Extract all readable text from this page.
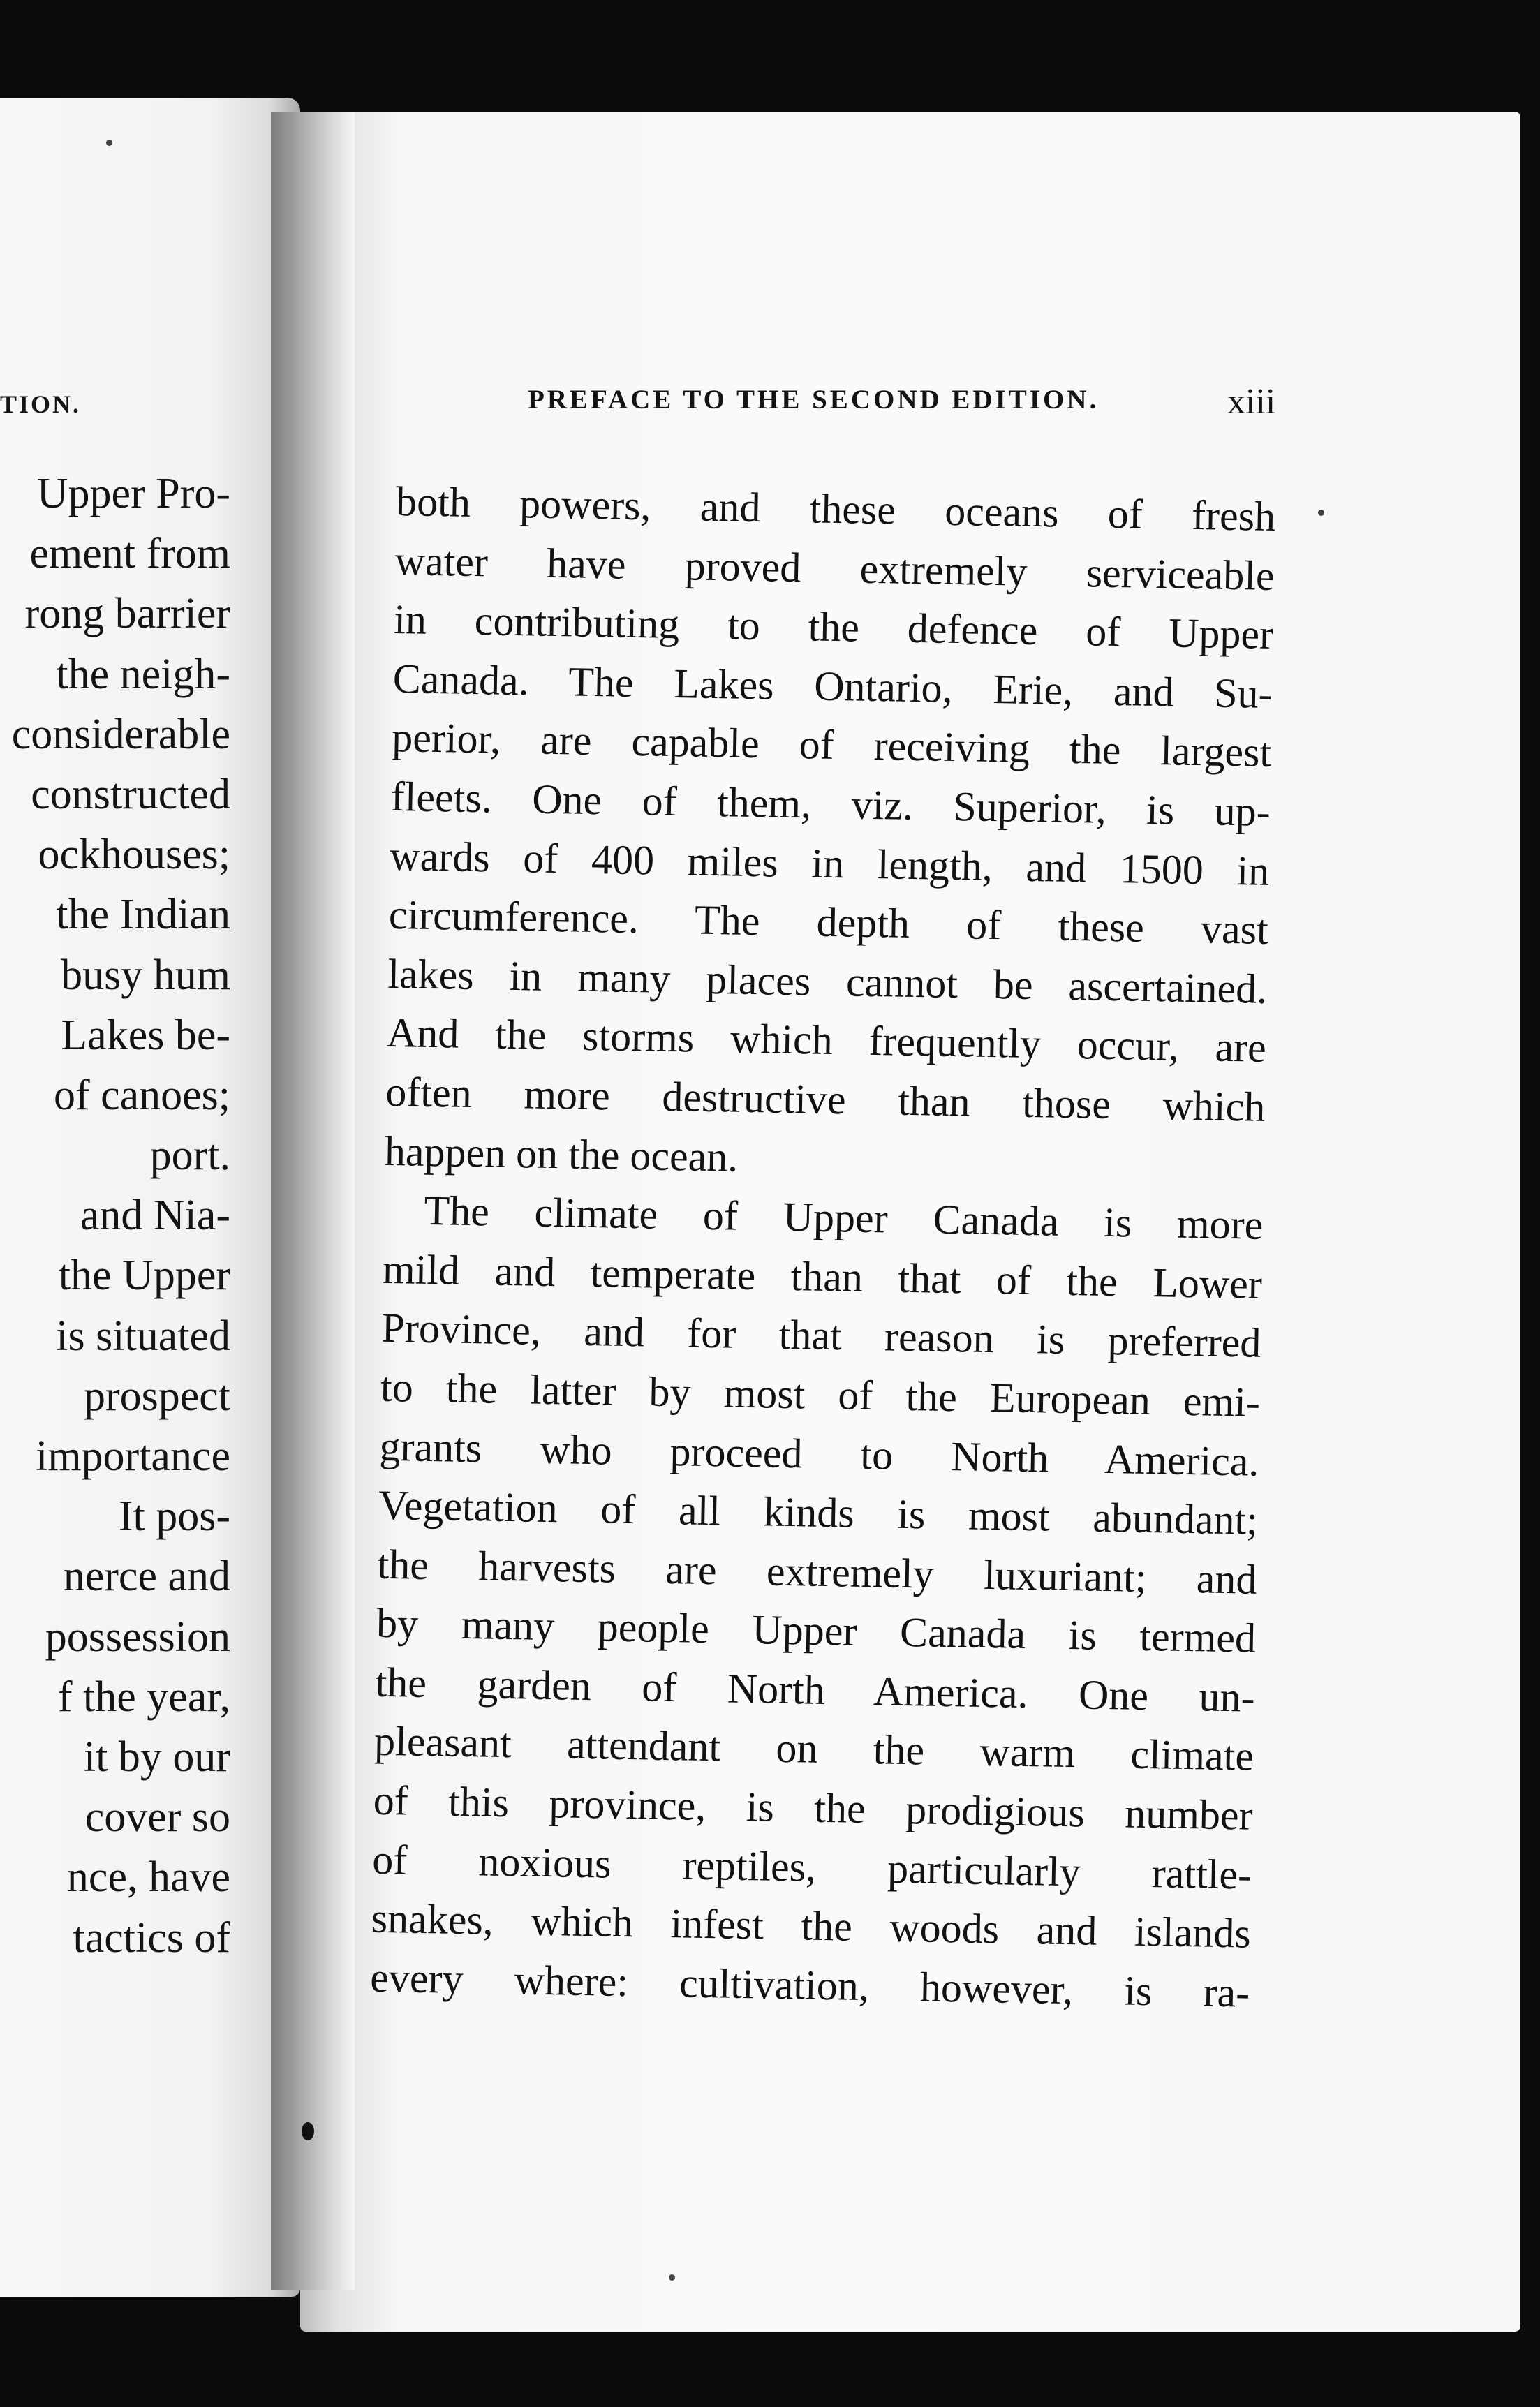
TION.
Upper Pro-
ement from
rong barrier
the neigh-
considerable
constructed
ockhouses;
the Indian
busy hum
Lakes be-
of canoes;
port.
and Nia-
the Upper
is situated
prospect
importance
It pos-
nerce and
possession
f the year,
it by our
cover so
nce, have
tactics of
PREFACE TO THE SECOND EDITION.	xiii
both powers, and these oceans of fresh
water have proved extremely serviceable
in contributing to the defence of Upper
Canada. The Lakes Ontario, Erie, and Su-
perior, are capable of receiving the largest
fleets. One of them, viz. Superior, is up-
wards of 400 miles in length, and 1500 in
circumference. The depth of these vast
lakes in many places cannot be ascertained.
And the storms which frequently occur, are
often more destructive than those which
happen on the ocean.
The climate of Upper Canada is more
mild and temperate than that of the Lower
Province, and for that reason is preferred
to the latter by most of the European emi-
grants who proceed to North America.
Vegetation of all kinds is most abundant;
the harvests are extremely luxuriant; and
by many people Upper Canada is termed
the garden of North America. One un-
pleasant attendant on the warm climate
of this province, is the prodigious number
of noxious reptiles, particularly rattle-
snakes, which infest the woods and islands
every where: cultivation, however, is ra-
